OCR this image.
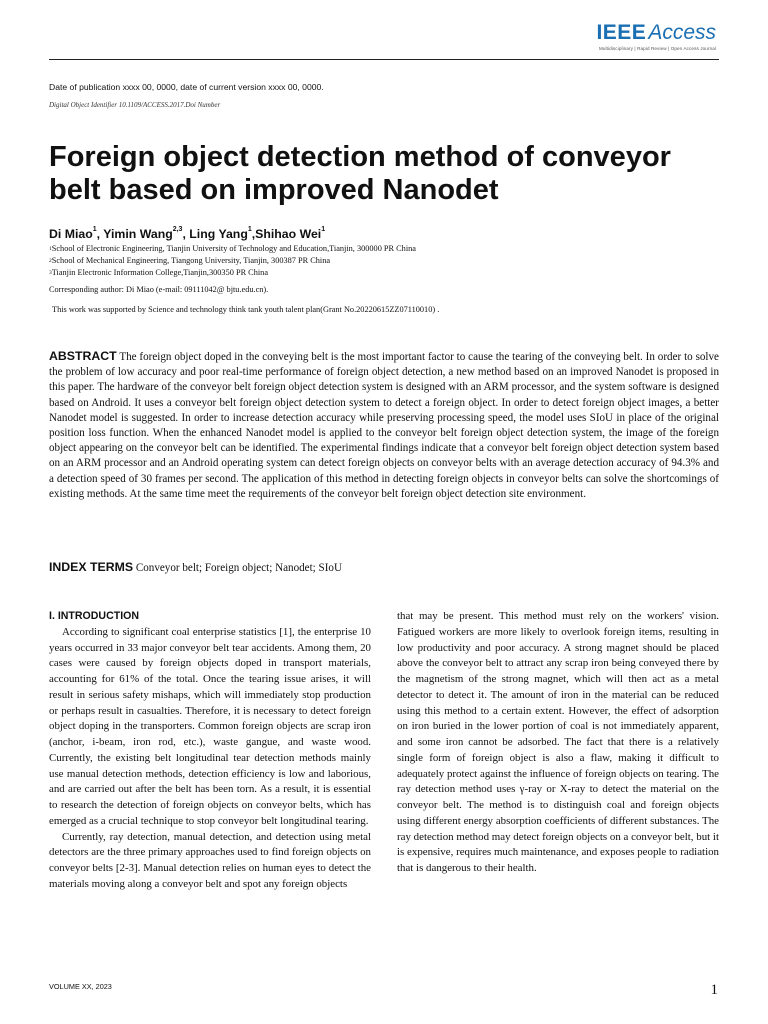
IEEEAccess
Multidisciplinary | Rapid Review | Open Access Journal
Date of publication xxxx 00, 0000, date of current version xxxx 00, 0000.
Digital Object Identifier 10.1109/ACCESS.2017.Doi Number
Foreign object detection method of conveyor belt based on improved Nanodet
Di Miao$^1$, Yimin Wang$^{2,3}$, Ling Yang$^1$,Shihao Wei$^1$
$^1$School of Electronic Engineering, Tianjin University of Technology and Education,Tianjin, 300000 PR China
$^2$School of Mechanical Engineering, Tiangong University, Tianjin, 300387 PR China
$^3$Tianjin Electronic Information College,Tianjin,300350 PR China
Corresponding author: Di Miao (e-mail: 09111042@ bjtu.edu.cn).
This work was supported by Science and technology think tank youth talent plan(Grant No.20220615ZZ07110010) .
ABSTRACT The foreign object doped in the conveying belt is the most important factor to cause the tearing of the conveying belt. In order to solve the problem of low accuracy and poor real-time performance of foreign object detection, a new method based on an improved Nanodet is proposed in this paper. The hardware of the conveyor belt foreign object detection system is designed with an ARM processor, and the system software is designed based on Android. It uses a conveyor belt foreign object detection system to detect a foreign object. In order to detect foreign object images, a better Nanodet model is suggested. In order to increase detection accuracy while preserving processing speed, the model uses SIoU in place of the original position loss function. When the enhanced Nanodet model is applied to the conveyor belt foreign object detection system, the image of the foreign object appearing on the conveyor belt can be identified. The experimental findings indicate that a conveyor belt foreign object detection system based on an ARM processor and an Android operating system can detect foreign objects on conveyor belts with an average detection accuracy of 94.3% and a detection speed of 30 frames per second. The application of this method in detecting foreign objects in conveyor belts can solve the shortcomings of existing methods. At the same time meet the requirements of the conveyor belt foreign object detection site environment.
INDEX TERMS Conveyor belt; Foreign object; Nanodet; SIoU
I. INTRODUCTION

According to significant coal enterprise statistics [1], the enterprise 10 years occurred in 33 major conveyor belt tear accidents. Among them, 20 cases were caused by foreign objects doped in transport materials, accounting for 61% of the total. Once the tearing issue arises, it will result in serious safety mishaps, which will immediately stop production or perhaps result in casualties. Therefore, it is necessary to detect foreign object doping in the transporters. Common foreign objects are scrap iron (anchor, i-beam, iron rod, etc.), waste gangue, and waste wood. Currently, the existing belt longitudinal tear detection methods mainly use manual detection methods, detection efficiency is low and laborious, and are carried out after the belt has been torn. As a result, it is essential to research the detection of foreign objects on conveyor belts, which has emerged as a crucial technique to stop conveyor belt longitudinal tearing.

Currently, ray detection, manual detection, and detection using metal detectors are the three primary approaches used to find foreign objects on conveyor belts [2-3]. Manual detection relies on human eyes to detect the materials moving along a conveyor belt and spot any foreign objects

that may be present. This method must rely on the workers' vision. Fatigued workers are more likely to overlook foreign items, resulting in low productivity and poor accuracy. A strong magnet should be placed above the conveyor belt to attract any scrap iron being conveyed there by the magnetism of the strong magnet, which will then act as a metal detector to detect it. The amount of iron in the material can be reduced using this method to a certain extent. However, the effect of adsorption on iron buried in the lower portion of coal is not immediately apparent, and some iron cannot be adsorbed. The fact that there is a relatively single form of foreign object is also a flaw, making it difficult to adequately protect against the influence of foreign objects on tearing. The ray detection method uses γ-ray or X-ray to detect the material on the conveyor belt. The method is to distinguish coal and foreign objects using different energy absorption coefficients of different substances. The ray detection method may detect foreign objects on a conveyor belt, but it is expensive, requires much maintenance, and exposes people to radiation that is dangerous to their health.

VOLUME XX, 2023	1
